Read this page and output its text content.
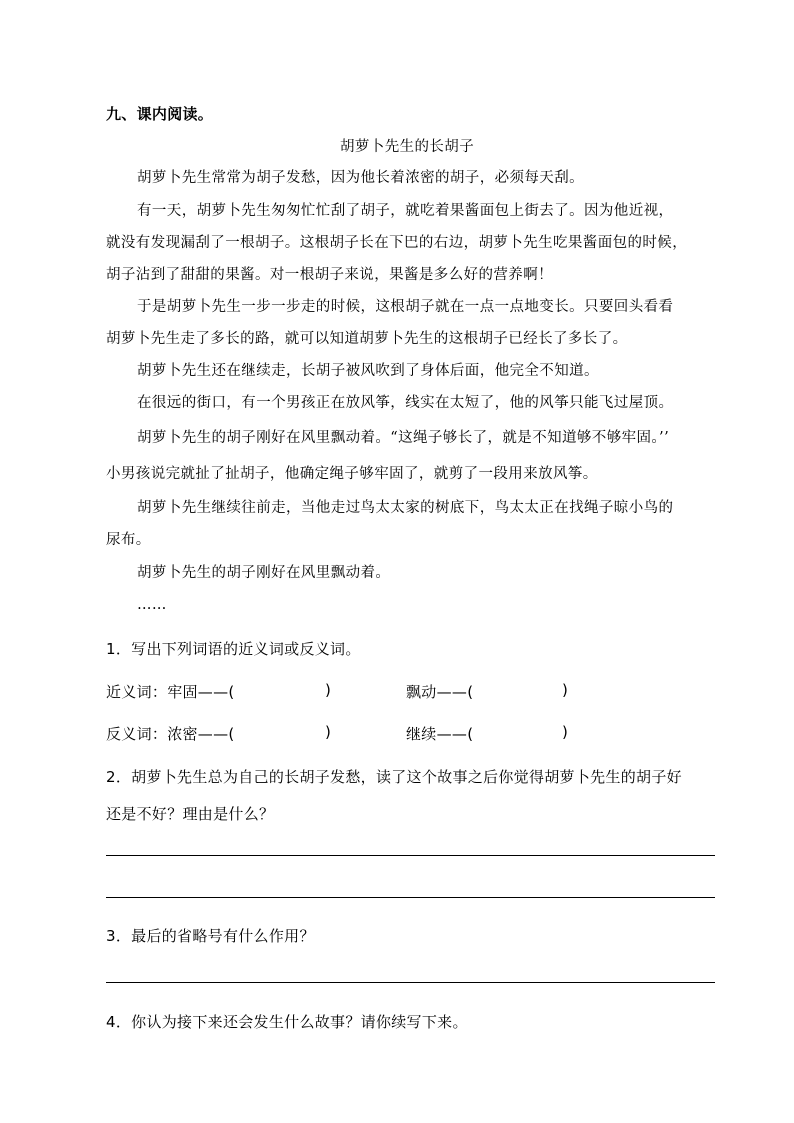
九、课内阅读。
胡萝卜先生的长胡子
胡萝卜先生常常为胡子发愁，因为他长着浓密的胡子，必须每天刮。
有一天，胡萝卜先生匆匆忙忙刮了胡子，就吃着果酱面包上街去了。因为他近视，
就没有发现漏刮了一根胡子。这根胡子长在下巴的右边，胡萝卜先生吃果酱面包的时候，
胡子沾到了甜甜的果酱。对一根胡子来说，果酱是多么好的营养啊！
于是胡萝卜先生一步一步走的时候，这根胡子就在一点一点地变长。只要回头看看
胡萝卜先生走了多长的路，就可以知道胡萝卜先生的这根胡子已经长了多长了。
胡萝卜先生还在继续走，长胡子被风吹到了身体后面，他完全不知道。
在很远的街口，有一个男孩正在放风筝，线实在太短了，他的风筝只能飞过屋顶。
胡萝卜先生的胡子刚好在风里飘动着。“这绳子够长了，就是不知道够不够牢固。’’
小男孩说完就扯了扯胡子，他确定绳子够牢固了，就剪了一段用来放风筝。
胡萝卜先生继续往前走，当他走过鸟太太家的树底下，鸟太太正在找绳子晾小鸟的
尿布。
胡萝卜先生的胡子刚好在风里飘动着。
……
1．写出下列词语的近义词或反义词。
近义词：牢固——(	)	飘动——(	)
反义词：浓密——(	)	继续——(	)
2．胡萝卜先生总为自己的长胡子发愁，读了这个故事之后你觉得胡萝卜先生的胡子好
还是不好？理由是什么？
3．最后的省略号有什么作用？
4．你认为接下来还会发生什么故事？请你续写下来。
